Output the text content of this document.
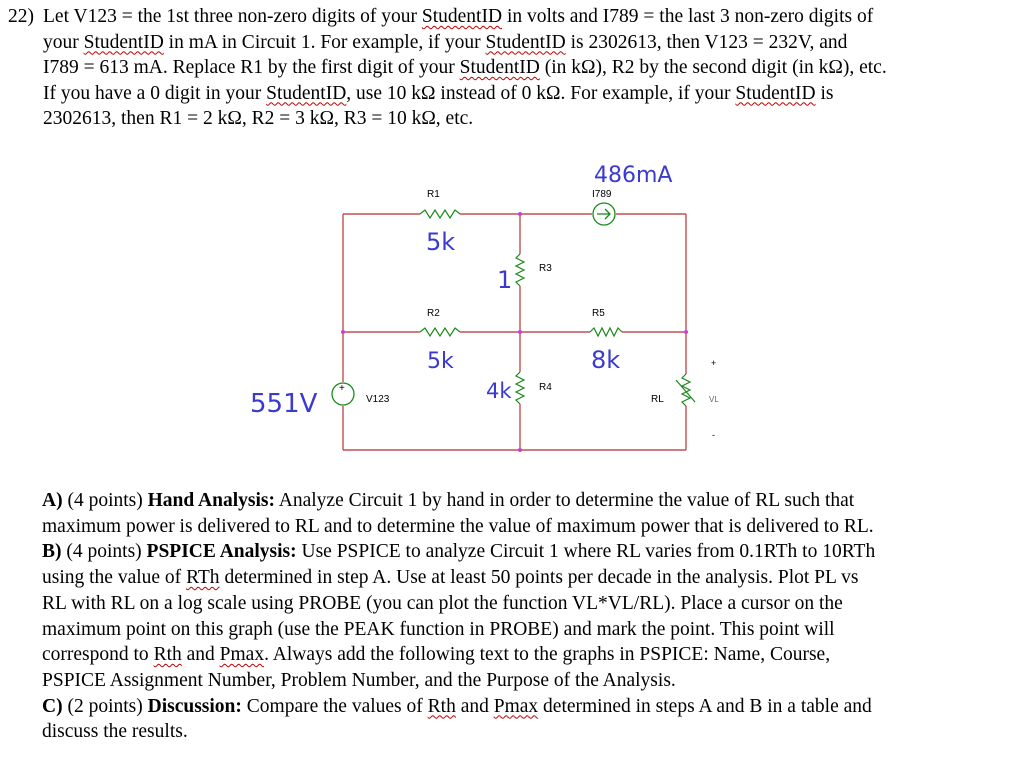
22) Let V123 = the 1st three non-zero digits of your StudentID in volts and I789 = the last 3 non-zero digits of
your StudentID in mA in Circuit 1. For example, if your StudentID is 2302613, then V123 = 232V, and
I789 = 613 mA. Replace R1 by the first digit of your StudentID (in kΩ), R2 by the second digit (in kΩ), etc.
If you have a 0 digit in your StudentID, use 10 kΩ instead of 0 kΩ. For example, if your StudentID is
2302613, then R1 = 2 kΩ, R2 = 3 kΩ, R3 = 10 kΩ, etc.
+
R1	I789
R3
R2	R5
R4
V123	RL	VL
+
-
486mA
5k
1
5k	8k
4k
551V
A) (4 points) Hand Analysis: Analyze Circuit 1 by hand in order to determine the value of RL such that
maximum power is delivered to RL and to determine the value of maximum power that is delivered to RL.
B) (4 points) PSPICE Analysis: Use PSPICE to analyze Circuit 1 where RL varies from 0.1RTh to 10RTh
using the value of RTh determined in step A. Use at least 50 points per decade in the analysis. Plot PL vs
RL with RL on a log scale using PROBE (you can plot the function VL*VL/RL). Place a cursor on the
maximum point on this graph (use the PEAK function in PROBE) and mark the point. This point will
correspond to Rth and Pmax. Always add the following text to the graphs in PSPICE: Name, Course,
PSPICE Assignment Number, Problem Number, and the Purpose of the Analysis.
C) (2 points) Discussion: Compare the values of Rth and Pmax determined in steps A and B in a table and
discuss the results.
